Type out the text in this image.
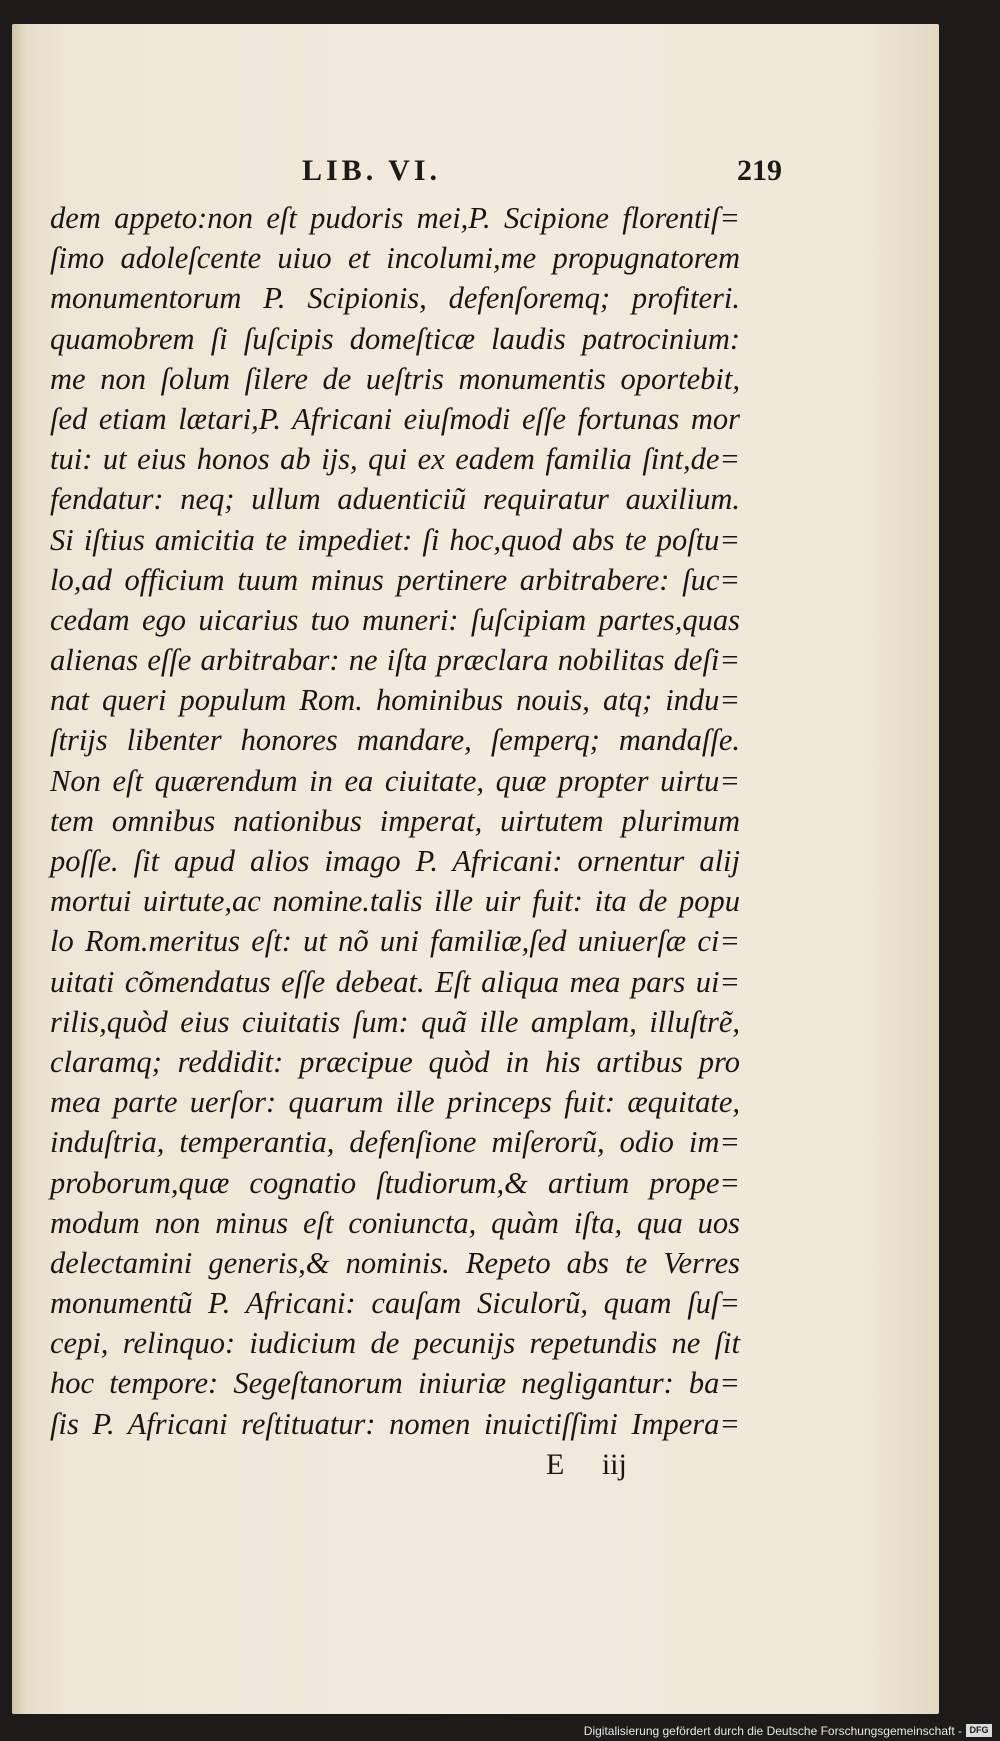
LIB. VI.	219
dem appeto:non eſt pudoris mei,P. Scipione florentiſ=
ſimo adoleſcente uiuo et incolumi,me propugnatorem
monumentorum P. Scipionis, defenſoremq; profiteri.
quamobrem ſi ſuſcipis domeſticæ laudis patrocinium:
me non ſolum ſilere de ueſtris monumentis oportebit,
ſed etiam lætari,P. Africani eiuſmodi eſſe fortunas mor
tui: ut eius honos ab ijs, qui ex eadem familia ſint,de=
fendatur: neq; ullum aduenticiũ requiratur auxilium.
Si iſtius amicitia te impediet: ſi hoc,quod abs te poſtu=
lo,ad officium tuum minus pertinere arbitrabere: ſuc=
cedam ego uicarius tuo muneri: ſuſcipiam partes,quas
alienas eſſe arbitrabar: ne iſta præclara nobilitas deſi=
nat queri populum Rom. hominibus nouis, atq; indu=
ſtrijs libenter honores mandare, ſemperq; mandaſſe.
Non eſt quærendum in ea ciuitate, quæ propter uirtu=
tem omnibus nationibus imperat, uirtutem plurimum
poſſe. ſit apud alios imago P. Africani: ornentur alij
mortui uirtute,ac nomine.talis ille uir fuit: ita de popu
lo Rom.meritus eſt: ut nõ uni familiæ,ſed uniuerſæ ci=
uitati cõmendatus eſſe debeat. Eſt aliqua mea pars ui=
rilis,quòd eius ciuitatis ſum: quã ille amplam, illuſtrẽ,
claramq; reddidit: præcipue quòd in his artibus pro
mea parte uerſor: quarum ille princeps fuit: æquitate,
induſtria, temperantia, defenſione miſerorũ, odio im=
proborum,quæ cognatio ſtudiorum,& artium prope=
modum non minus eſt coniuncta, quàm iſta, qua uos
delectamini generis,& nominis. Repeto abs te Verres
monumentũ P. Africani: cauſam Siculorũ, quam ſuſ=
cepi, relinquo: iudicium de pecunijs repetundis ne ſit
hoc tempore: Segeſtanorum iniuriæ negligantur: ba=
ſis P. Africani reſtituatur: nomen inuictiſſimi Impera=
E iij
Digitalisierung gefördert durch die Deutsche Forschungsgemeinschaft - DFG
